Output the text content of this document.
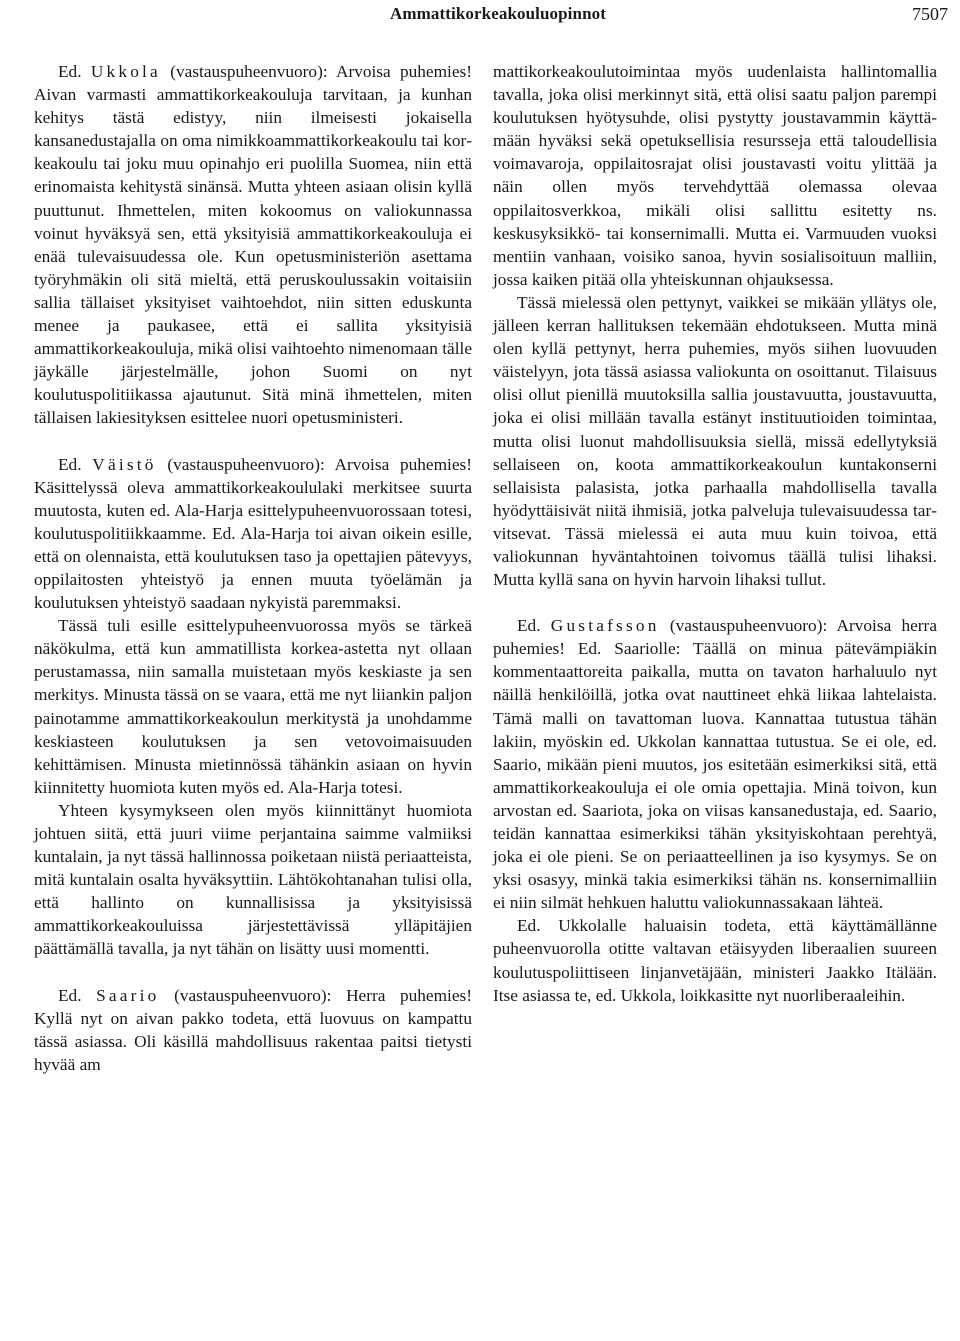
Ammattikorkeakouluopinnot	7507

Ed. Ukkola (vastauspuheenvuoro): Arvoisa puhemies! Aivan varmasti ammattikorkeakouluja tarvitaan, ja kunhan kehitys tästä edistyy, niin ilmeisesti jokaisella kansanedustajalla on oma nimikkoammattikorkeakoulu tai korkeakoulu tai joku muu opinahjo eri puolilla Suomea, niin että erinomaista kehitystä sinänsä. Mutta yhteen asiaan olisin kyllä puuttunut. Ihmettelen, miten kokoomus on valiokunnassa voinut hyväksyä sen, että yksityisiä ammattikorkeakouluja ei enää tulevaisuudessa ole. Kun opetusministeriön asettama työryhmäkin oli sitä mieltä, että peruskoulussakin voitaisiin sallia tällaiset yksityiset vaihtoehdot, niin sitten eduskunta menee ja paukasee, että ei sallita yksityisiä ammattikorkeakouluja, mikä olisi vaihtoehto nimenomaan tälle jäykälle järjestelmälle, johon Suomi on nyt koulutuspolitiikassa ajautunut. Sitä minä ihmettelen, miten tällaisen lakiesityksen esittelee nuori opetusministeri.

Ed. Väistö (vastauspuheenvuoro): Arvoisa puhemies! Käsittelyssä oleva ammattikorkeakoululaki merkitsee suurta muutosta, kuten ed. Ala-Harja esittelypuheenvuorossaan totesi, koulutuspolitiikkaamme. Ed. Ala-Harja toi aivan oikein esille, että on olennaista, että koulutuksen taso ja opettajien pätevyys, oppilaitosten yhteistyö ja ennen muuta työelämän ja koulutuksen yhteistyö saadaan nykyistä paremmaksi.

Tässä tuli esille esittelypuheenvuorossa myös se tärkeä näkökulma, että kun ammatillista korkea-astetta nyt ollaan perustamassa, niin samalla muistetaan myös keskiaste ja sen merkitys. Minusta tässä on se vaara, että me nyt liiankin paljon painotamme ammattikorkeakoulun merkitystä ja unohdamme keskiasteen koulutuksen ja sen vetovoimaisuuden kehittämisen. Minusta mietinnössä tähänkin asiaan on hyvin kiinnitetty huomiota kuten myös ed. Ala-Harja totesi.

Yhteen kysymykseen olen myös kiinnittänyt huomiota johtuen siitä, että juuri viime perjantaina saimme valmiiksi kuntalain, ja nyt tässä hallinnossa poiketaan niistä periaatteista, mitä kuntalain osalta hyväksyttiin. Lähtökohtanahan tulisi olla, että hallinto on kunnallisissa ja yksityisissä ammattikorkeakouluissa järjestettävissä ylläpitäjien päättämällä tavalla, ja nyt tähän on lisätty uusi momentti.

Ed. Saario (vastauspuheenvuoro): Herra puhemies! Kyllä nyt on aivan pakko todeta, että luovuus on kampattu tässä asiassa. Oli käsillä mahdollisuus rakentaa paitsi tietysti hyvää am

mattikorkeakoulutoimintaa myös uudenlaista hallintomallia tavalla, joka olisi merkinnyt sitä, että olisi saatu paljon parempi koulutuksen hyötysuhde, olisi pystytty joustavammin käyttämään hyväksi sekä opetuksellisia resursseja että taloudellisia voimavaroja, oppilaitosrajat olisi joustavasti voitu ylittää ja näin ollen myös tervehdyttää olemassa olevaa oppilaitosverkkoa, mikäli olisi sallittu esitetty ns. keskusyksikkö- tai konsernimalli. Mutta ei. Varmuuden vuoksi mentiin vanhaan, voisiko sanoa, hyvin sosialisoituun malliin, jossa kaiken pitää olla yhteiskunnan ohjauksessa.

Tässä mielessä olen pettynyt, vaikkei se mikään yllätys ole, jälleen kerran hallituksen tekemään ehdotukseen. Mutta minä olen kyllä pettynyt, herra puhemies, myös siihen luovuuden väistelyyn, jota tässä asiassa valiokunta on osoittanut. Tilaisuus olisi ollut pienillä muutoksilla sallia joustavuutta, joustavuutta, joka ei olisi millään tavalla estänyt instituutioiden toimintaa, mutta olisi luonut mahdollisuuksia siellä, missä edellytyksiä sellaiseen on, koota ammattikorkeakoulun kuntakonserni sellaisista palasista, jotka parhaalla mahdollisella tavalla hyödyttäisivät niitä ihmisiä, jotka palveluja tulevaisuudessa tarvitsevat. Tässä mielessä ei auta muu kuin toivoa, että valiokunnan hyväntahtoinen toivomus täällä tulisi lihaksi. Mutta kyllä sana on hyvin harvoin lihaksi tullut.

Ed. Gustafsson (vastauspuheenvuoro): Arvoisa herra puhemies! Ed. Saariolle: Täällä on minua pätevämpiäkin kommentaattoreita paikalla, mutta on tavaton harhaluulo nyt näillä henkilöillä, jotka ovat nauttineet ehkä liikaa lahtelaista. Tämä malli on tavattoman luova. Kannattaa tutustua tähän lakiin, myöskin ed. Ukkolan kannattaa tutustua. Se ei ole, ed. Saario, mikään pieni muutos, jos esitetään esimerkiksi sitä, että ammattikorkeakouluja ei ole omia opettajia. Minä toivon, kun arvostan ed. Saariota, joka on viisas kansanedustaja, ed. Saario, teidän kannattaa esimerkiksi tähän yksityiskohtaan perehtyä, joka ei ole pieni. Se on periaatteellinen ja iso kysymys. Se on yksi osasyy, minkä takia esimerkiksi tähän ns. konsernimalliin ei niin silmät hehkuen haluttu valiokunnassakaan lähteä.

Ed. Ukkolalle haluaisin todeta, että käyttämällänne puheenvuorolla otitte valtavan etäisyyden liberaalien suureen koulutuspoliittiseen linjanvetäjään, ministeri Jaakko Itälään. Itse asiassa te, ed. Ukkola, loikkasitte nyt nuorliberaaleihin.
